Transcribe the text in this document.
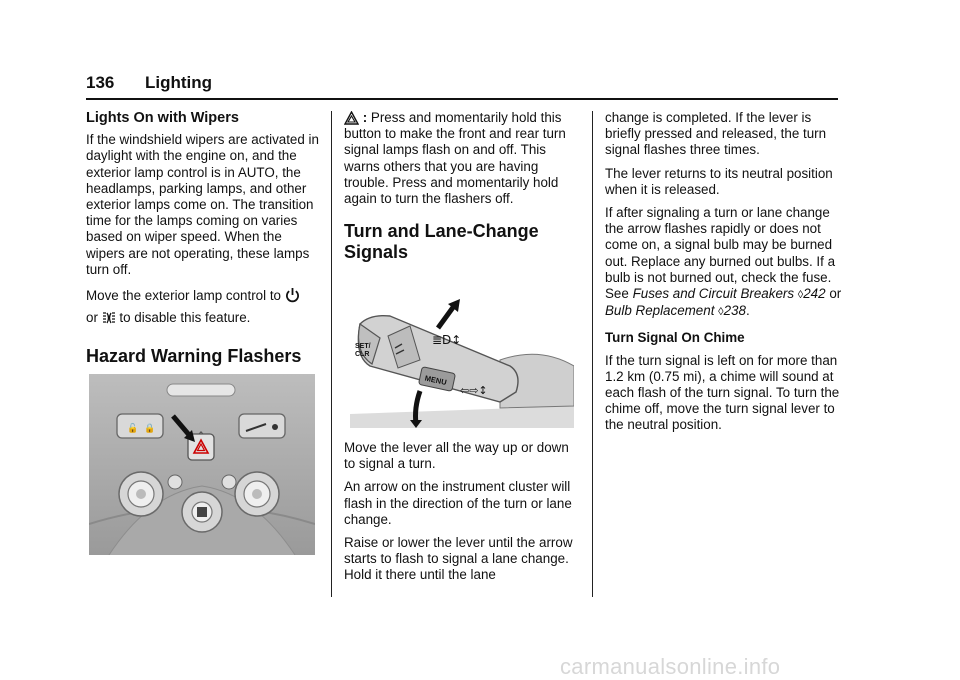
136 Lighting
Lights On with Wipers

If the windshield wipers are activated in daylight with the engine on, and the exterior lamp control is in AUTO, the headlamps, parking lamps, and other exterior lamps come on. The transition time for the lamps coming on varies based on wiper speed. When the wipers are not operating, these lamps turn off.

Move the exterior lamp control to
or to disable this feature.

Hazard Warning Flashers
🔓 🔒

: Press and momentarily hold this button to make the front and rear turn signal lamps flash on and off. This warns others that you are having trouble. Press and momentarily hold again to turn the flashers off.

Turn and Lane-Change Signals
SET/
CLR
MENU
≣D↕
⇦⇨↕

Move the lever all the way up or down to signal a turn.

An arrow on the instrument cluster will flash in the direction of the turn or lane change.

Raise or lower the lever until the arrow starts to flash to signal a lane change. Hold it there until the lane

change is completed. If the lever is briefly pressed and released, the turn signal flashes three times.

The lever returns to its neutral position when it is released.

If after signaling a turn or lane change the arrow flashes rapidly or does not come on, a signal bulb may be burned out. Replace any burned out bulbs. If a bulb is not burned out, check the fuse. See Fuses and Circuit Breakers ◊242 or Bulb Replacement ◊238.

Turn Signal On Chime

If the turn signal is left on for more than 1.2 km (0.75 mi), a chime will sound at each flash of the turn signal. To turn the chime off, move the turn signal lever to the neutral position.

carmanualsonline.info
